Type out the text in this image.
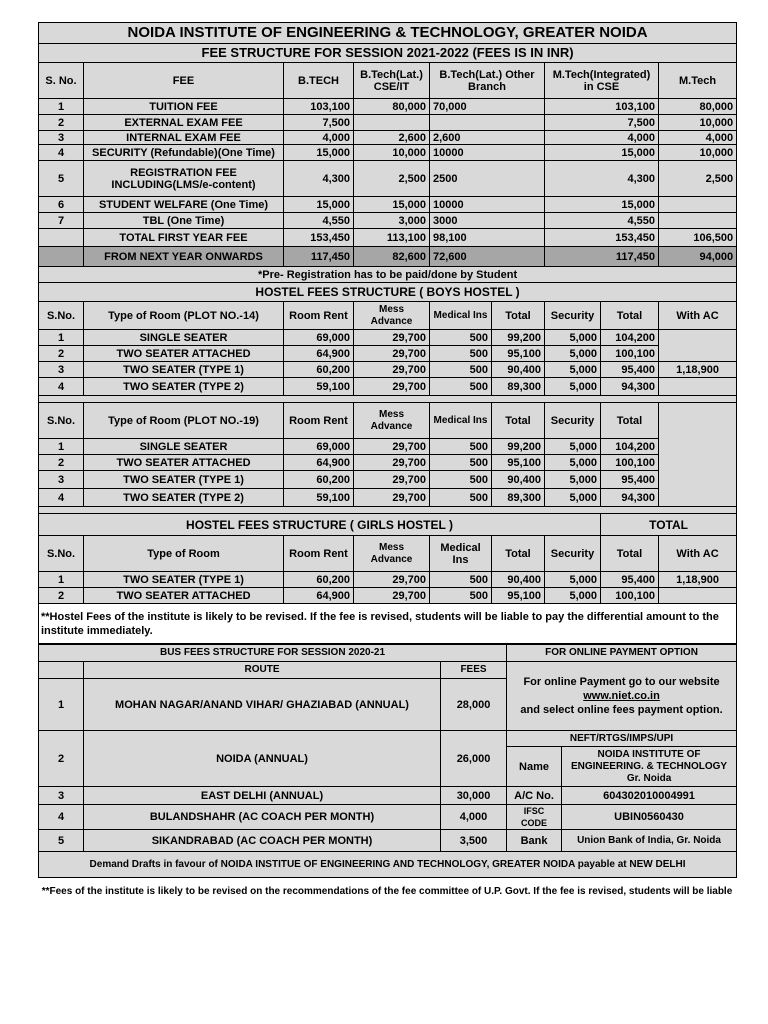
NOIDA INSTITUTE OF ENGINEERING & TECHNOLOGY, GREATER NOIDA								
FEE STRUCTURE FOR SESSION 2021-2022 (FEES IS IN INR)								
S. No.	FEE	B.TECH	B.Tech(Lat.) CSE/IT	B.Tech(Lat.) Other Branch		M.Tech(Integrated) in CSE		M.Tech
1	TUITION FEE	103,100	80,000	70,000		103,100		80,000
2	EXTERNAL EXAM FEE	7,500				7,500		10,000
3	INTERNAL EXAM FEE	4,000	2,600	2,600		4,000		4,000
4	SECURITY (Refundable)(One Time)	15,000	10,000	10000		15,000		10,000
5	REGISTRATION FEE INCLUDING(LMS/e-content)	4,300	2,500	2500		4,300		2,500
6	STUDENT WELFARE (One Time)	15,000	15,000	10000		15,000		
7	TBL (One Time)	4,550	3,000	3000		4,550		
	TOTAL FIRST YEAR FEE	153,450	113,100	98,100		153,450		106,500
	FROM NEXT YEAR ONWARDS	117,450	82,600	72,600		117,450		94,000
*Pre- Registration has to be paid/done by Student								
HOSTEL FEES STRUCTURE ( BOYS HOSTEL )								
S.No.	Type of Room (PLOT NO.-14)	Room Rent	Mess Advance	Medical Ins	Total	Security	Total	With AC
1	SINGLE SEATER	69,000	29,700	500	99,200	5,000	104,200	
2	TWO SEATER ATTACHED	64,900	29,700	500	95,100	5,000	100,100	
3	TWO SEATER (TYPE 1)	60,200	29,700	500	90,400	5,000	95,400	1,18,900
4	TWO SEATER (TYPE 2)	59,100	29,700	500	89,300	5,000	94,300	

S.No.	Type of Room (PLOT NO.-19)	Room Rent	Mess Advance	Medical Ins	Total	Security	Total	
1	SINGLE SEATER	69,000	29,700	500	99,200	5,000	104,200	
2	TWO SEATER ATTACHED	64,900	29,700	500	95,100	5,000	100,100	
3	TWO SEATER (TYPE 1)	60,200	29,700	500	90,400	5,000	95,400	
4	TWO SEATER (TYPE 2)	59,100	29,700	500	89,300	5,000	94,300	

HOSTEL FEES STRUCTURE ( GIRLS HOSTEL )							TOTAL	
S.No.	Type of Room	Room Rent	Mess Advance	Medical Ins	Total	Security	Total	With AC
1	TWO SEATER (TYPE 1)	60,200	29,700	500	90,400	5,000	95,400	1,18,900
2	TWO SEATER ATTACHED	64,900	29,700	500	95,100	5,000	100,100	
**Hostel Fees of the institute is likely to be revised. If the fee is revised, students will be liable to pay the differential amount to the institute immediately.								
BUS FEES STRUCTURE FOR SESSION 2020-21			FOR ONLINE PAYMENT OPTION	
	ROUTE	FEES	For online Payment go to our website
www.niet.co.in
and select online fees payment option.	

1	MOHAN NAGAR/ANAND VIHAR/ GHAZIABAD (ANNUAL)	28,000		
2	NOIDA (ANNUAL)	26,000	NEFT/RTGS/IMPS/UPI	
			Name	NOIDA INSTITUTE OF ENGINEERING. & TECHNOLOGY Gr. Noida
3	EAST DELHI (ANNUAL)	30,000	A/C No.	604302010004991
4	BULANDSHAHR (AC COACH PER MONTH)	4,000	IFSC CODE	UBIN0560430
5	SIKANDRABAD (AC COACH PER MONTH)	3,500	Bank	Union Bank of India, Gr. Noida
Demand Drafts in favour of NOIDA INSTITUE OF ENGINEERING AND TECHNOLOGY, GREATER NOIDA payable at NEW DELHI				
**Fees of the institute is likely to be revised on the recommendations of the fee committee of U.P. Govt. If the fee is revised, students will be liable
